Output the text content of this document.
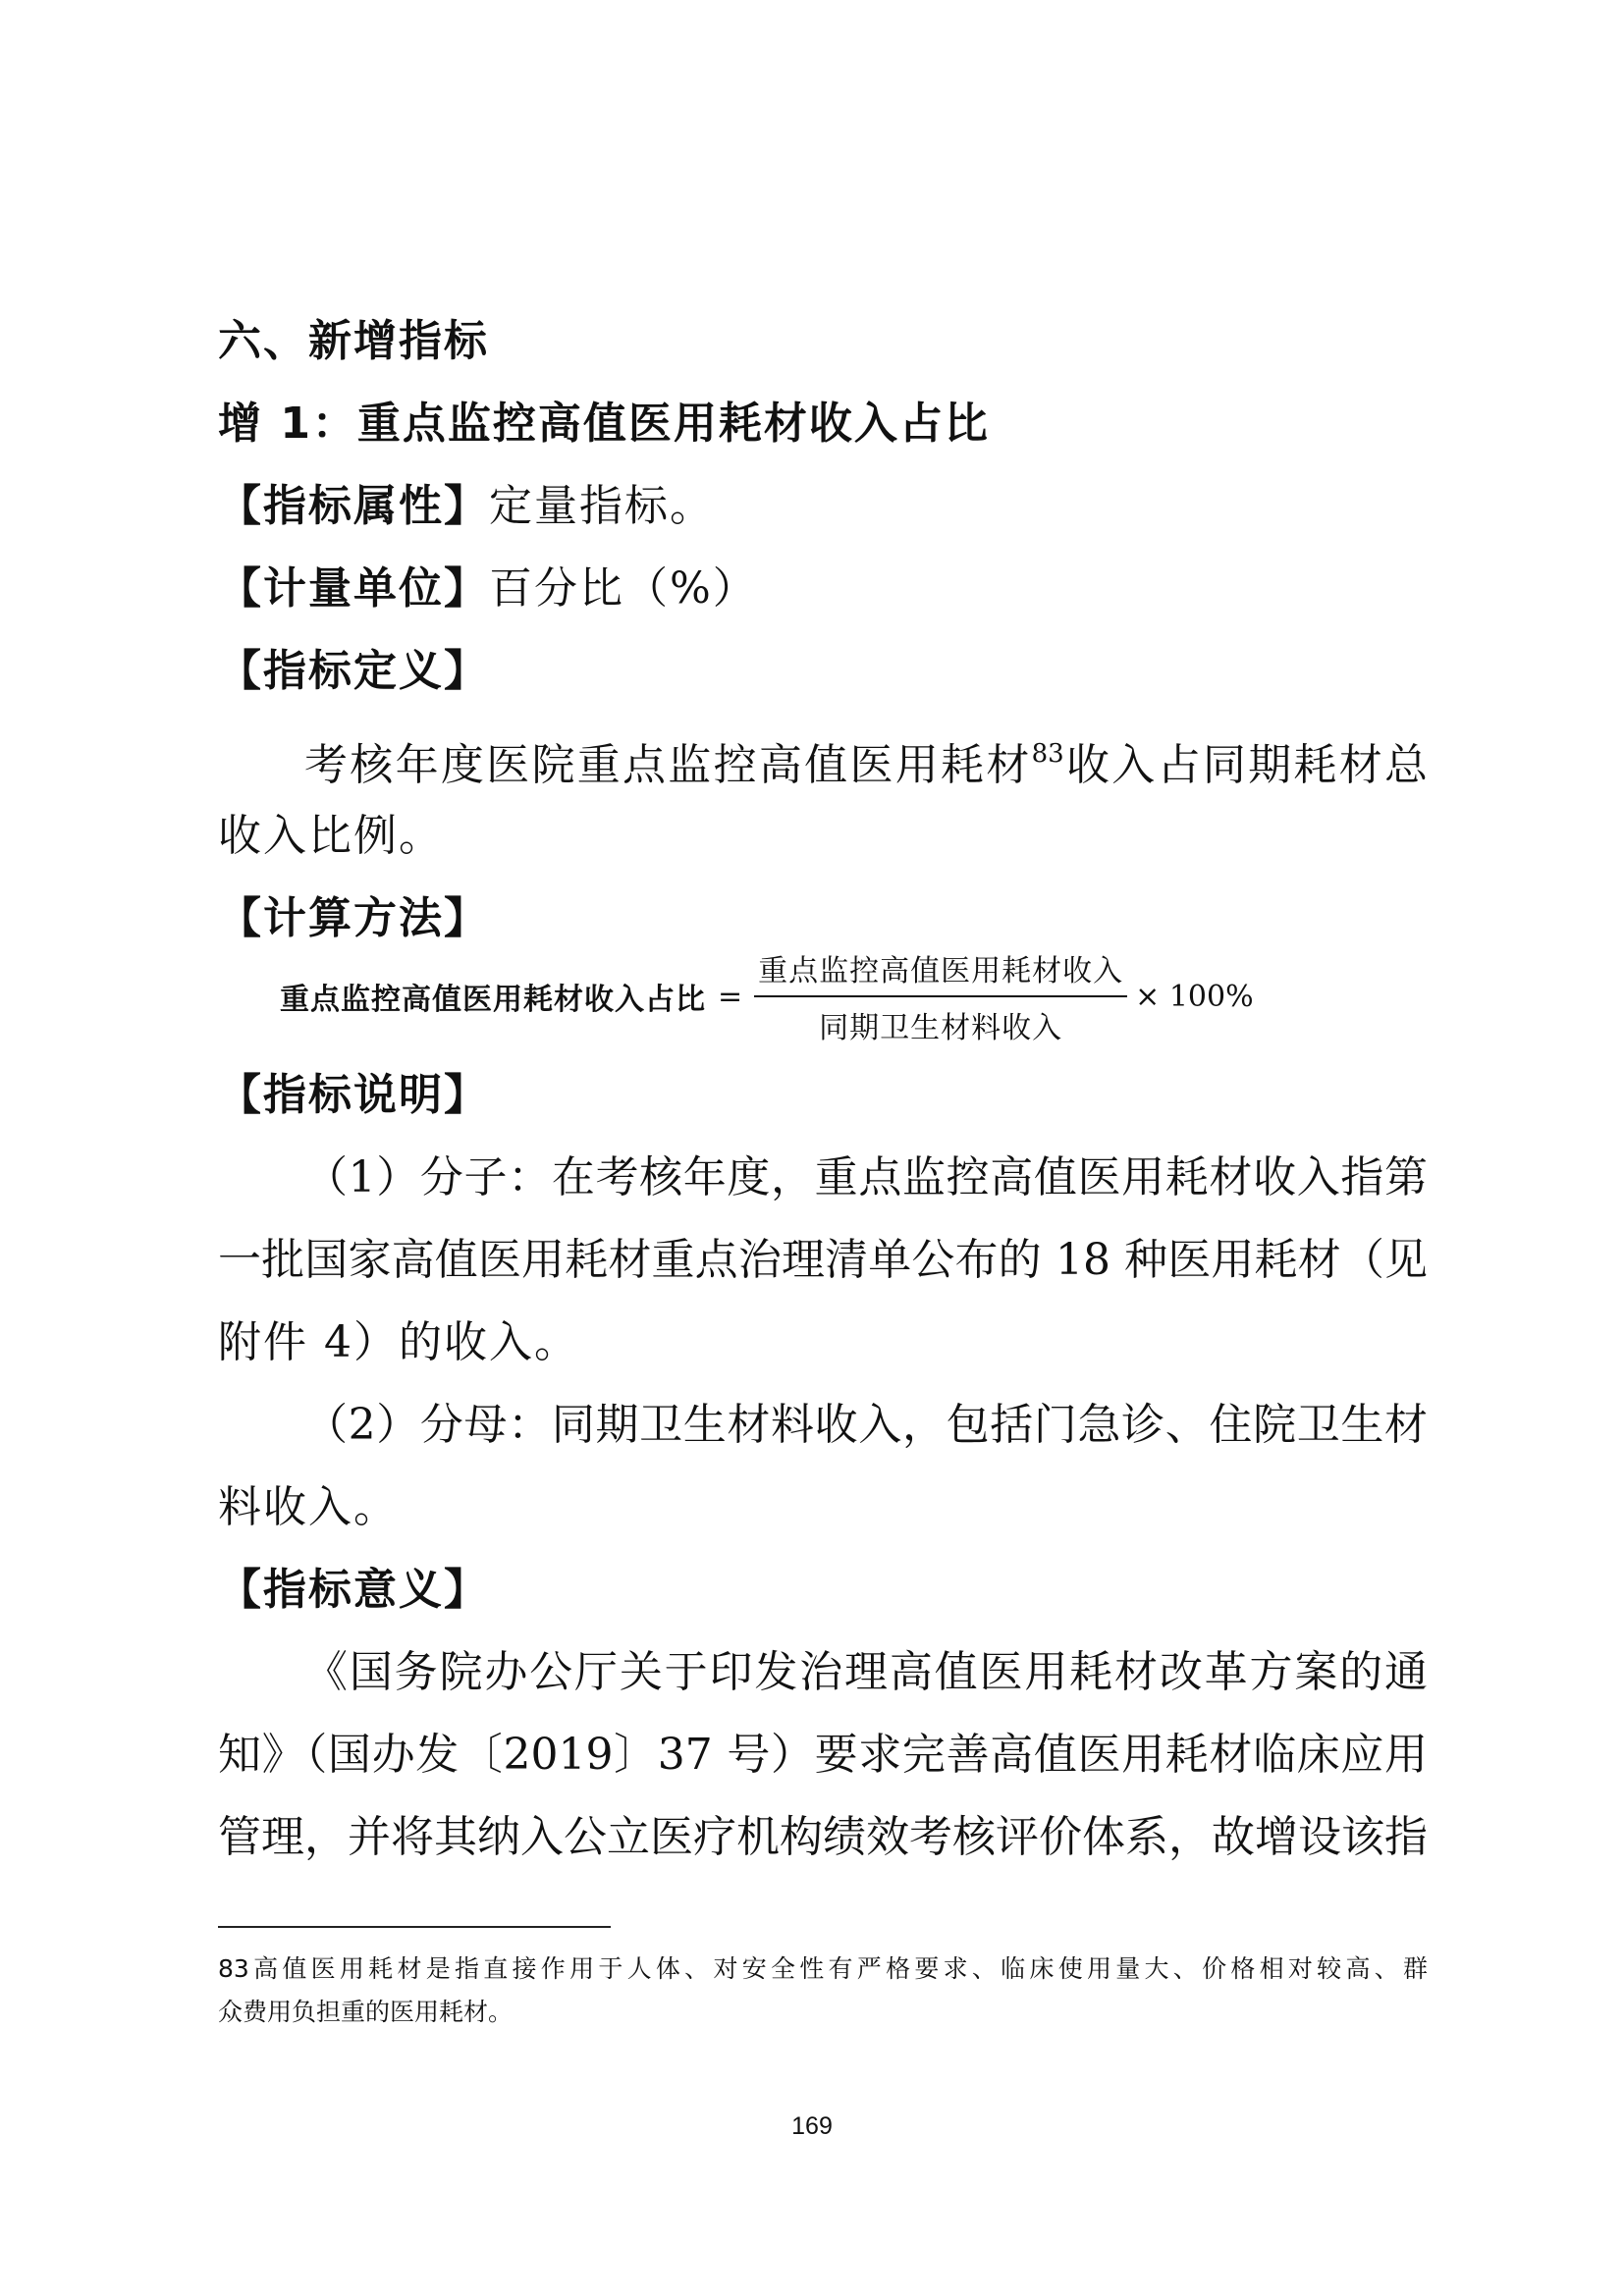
六、新增指标
增 1：重点监控高值医用耗材收入占比
【指标属性】定量指标。
【计量单位】百分比（%）
【指标定义】
考核年度医院重点监控高值医用耗材$^{83}$收入占同期耗材总
收入比例。
【计算方法】
重点监控高值医用耗材收入占比 = $\frac{\text{重点监控高值医用耗材收入}}{\text{同期卫生材料收入}} \times 100\%$
【指标说明】
（1）分子：在考核年度，重点监控高值医用耗材收入指第
一批国家高值医用耗材重点治理清单公布的 18 种医用耗材（见
附件 4）的收入。
（2）分母：同期卫生材料收入，包括门急诊、住院卫生材
料收入。
【指标意义】
《国务院办公厅关于印发治理高值医用耗材改革方案的通
知》（国办发〔2019〕37 号）要求完善高值医用耗材临床应用
管理，并将其纳入公立医疗机构绩效考核评价体系，故增设该指
83高值医用耗材是指直接作用于人体、对安全性有严格要求、临床使用量大、价格相对较高、群
众费用负担重的医用耗材。
169
